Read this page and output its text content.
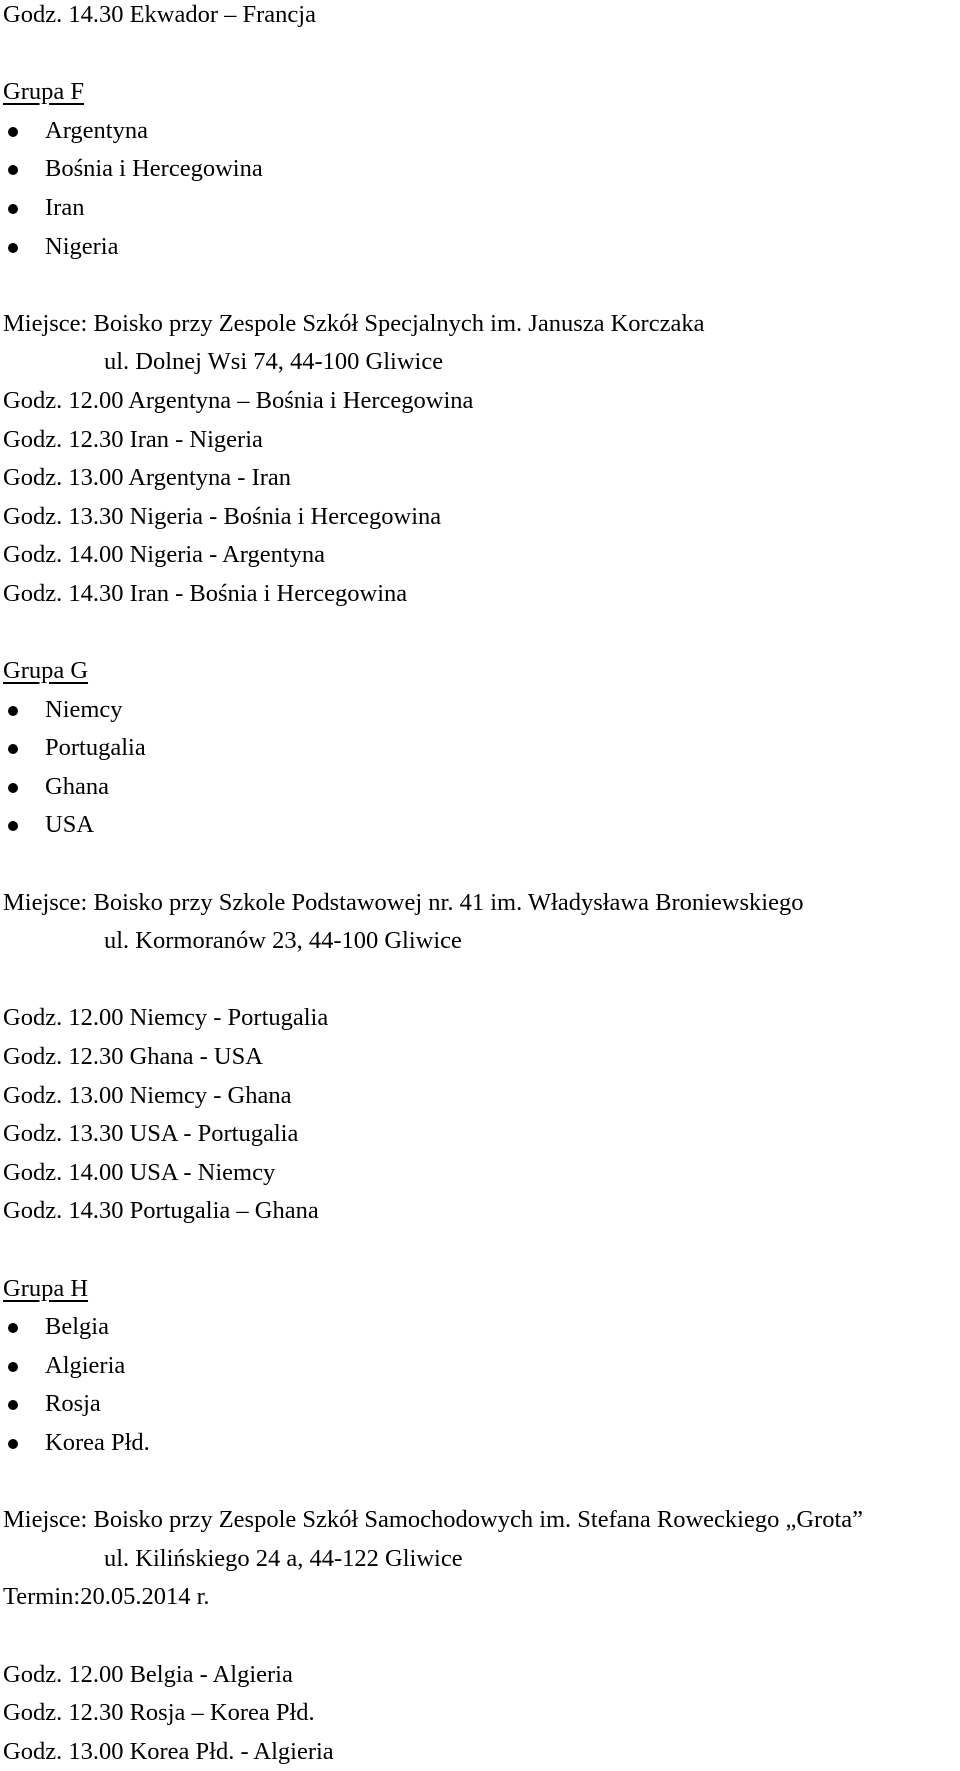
Godz. 14.30 Ekwador – Francja
Grupa F
Argentyna
Bośnia i Hercegowina
Iran
Nigeria
Miejsce: Boisko przy Zespole Szkół Specjalnych im. Janusza Korczaka
ul. Dolnej Wsi 74, 44-100 Gliwice
Godz. 12.00 Argentyna – Bośnia i Hercegowina
Godz. 12.30 Iran - Nigeria
Godz. 13.00 Argentyna - Iran
Godz. 13.30 Nigeria - Bośnia i Hercegowina
Godz. 14.00 Nigeria - Argentyna
Godz. 14.30 Iran - Bośnia i Hercegowina
Grupa G
Niemcy
Portugalia
Ghana
USA
Miejsce: Boisko przy Szkole Podstawowej nr. 41 im. Władysława Broniewskiego
ul. Kormoranów 23, 44-100 Gliwice
Godz. 12.00 Niemcy - Portugalia
Godz. 12.30 Ghana - USA
Godz. 13.00 Niemcy - Ghana
Godz. 13.30 USA - Portugalia
Godz. 14.00 USA - Niemcy
Godz. 14.30 Portugalia – Ghana
Grupa H
Belgia
Algieria
Rosja
Korea Płd.
Miejsce: Boisko przy Zespole Szkół Samochodowych im. Stefana Roweckiego „Grota”
ul. Kilińskiego 24 a, 44-122 Gliwice
Termin:20.05.2014 r.
Godz. 12.00 Belgia - Algieria
Godz. 12.30 Rosja – Korea Płd.
Godz. 13.00 Korea Płd. - Algieria
